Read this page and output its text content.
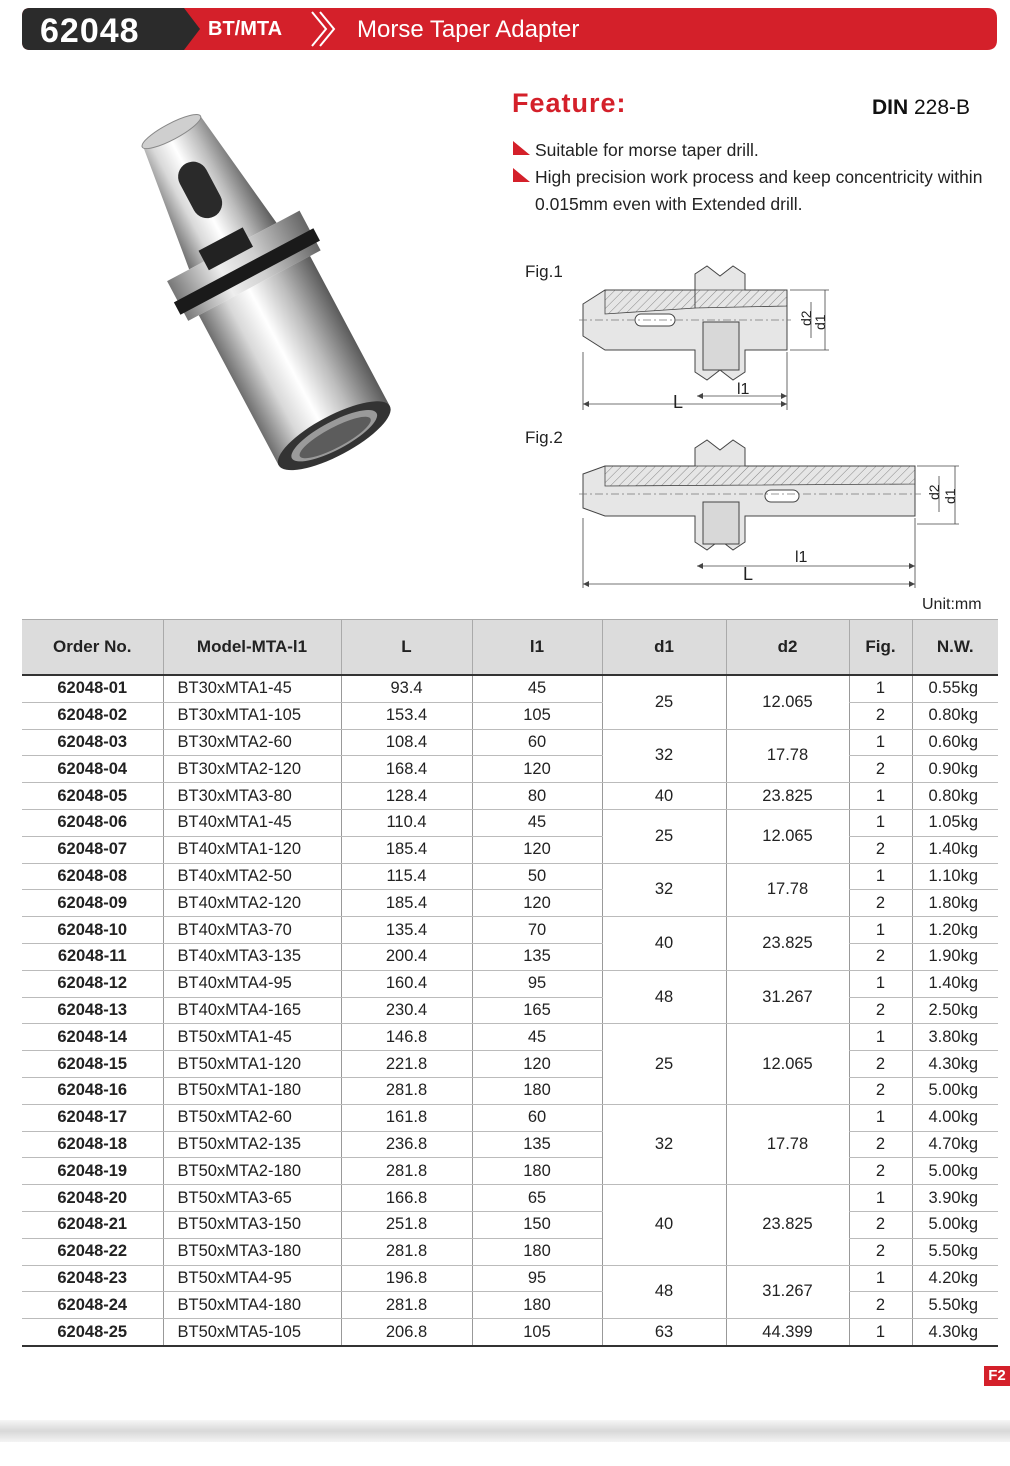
62048	BT/MTA	Morse Taper Adapter
Feature:	DIN 228-B
Suitable for morse taper drill.
High precision work process and keep concentricity within 0.015mm even with Extended drill.
Fig.1
L
l1
d2
d1
Fig.2
L
l1
d2 d1
Unit:mm
Order No.	Model-MTA-l1	L	l1	d1	d2	Fig.	N.W.
62048-01	BT30xMTA1-45	93.4	45	25	12.065	1	0.55kg
62048-02	BT30xMTA1-105	153.4	105			2	0.80kg
62048-03	BT30xMTA2-60	108.4	60	32	17.78	1	0.60kg
62048-04	BT30xMTA2-120	168.4	120			2	0.90kg
62048-05	BT30xMTA3-80	128.4	80	40	23.825	1	0.80kg
62048-06	BT40xMTA1-45	110.4	45	25	12.065	1	1.05kg
62048-07	BT40xMTA1-120	185.4	120			2	1.40kg
62048-08	BT40xMTA2-50	115.4	50	32	17.78	1	1.10kg
62048-09	BT40xMTA2-120	185.4	120			2	1.80kg
62048-10	BT40xMTA3-70	135.4	70	40	23.825	1	1.20kg
62048-11	BT40xMTA3-135	200.4	135			2	1.90kg
62048-12	BT40xMTA4-95	160.4	95	48	31.267	1	1.40kg
62048-13	BT40xMTA4-165	230.4	165			2	2.50kg
62048-14	BT50xMTA1-45	146.8	45	25	12.065	1	3.80kg
62048-15	BT50xMTA1-120	221.8	120			2	4.30kg
62048-16	BT50xMTA1-180	281.8	180			2	5.00kg
62048-17	BT50xMTA2-60	161.8	60	32	17.78	1	4.00kg
62048-18	BT50xMTA2-135	236.8	135			2	4.70kg
62048-19	BT50xMTA2-180	281.8	180			2	5.00kg
62048-20	BT50xMTA3-65	166.8	65	40	23.825	1	3.90kg
62048-21	BT50xMTA3-150	251.8	150			2	5.00kg
62048-22	BT50xMTA3-180	281.8	180			2	5.50kg
62048-23	BT50xMTA4-95	196.8	95	48	31.267	1	4.20kg
62048-24	BT50xMTA4-180	281.8	180			2	5.50kg
62048-25	BT50xMTA5-105	206.8	105	63	44.399	1	4.30kg
F2
